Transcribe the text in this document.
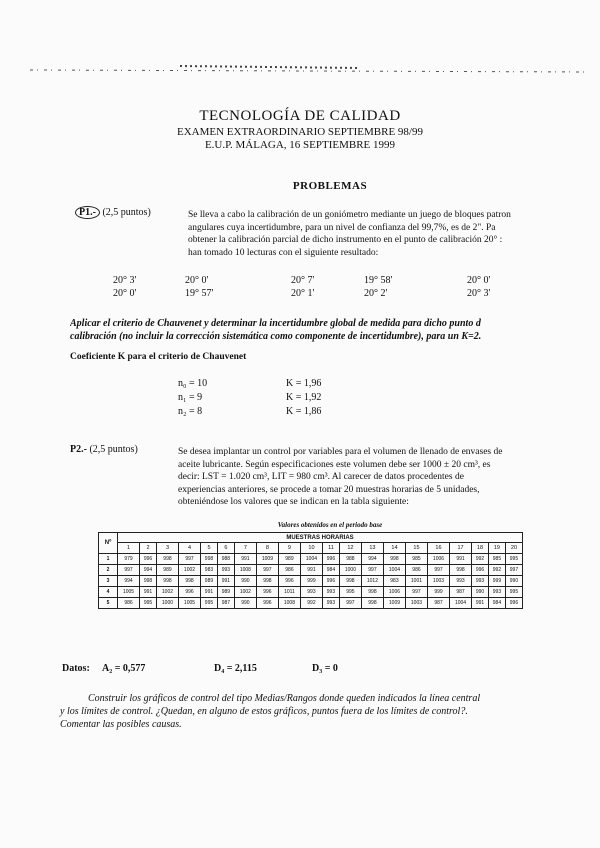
TECNOLOGÍA DE CALIDAD
EXAMEN EXTRAORDINARIO SEPTIEMBRE 98/99
E.U.P. MÁLAGA, 16 SEPTIEMBRE 1999
PROBLEMAS
P1.- (2,5 puntos)	Se lleva a cabo la calibración de un goniómetro mediante un juego de bloques patron
angulares cuya incertidumbre, para un nivel de confianza del 99,7%, es de 2". Pa
obtener la calibración parcial de dicho instrumento en el punto de calibración 20° :
han tomado 10 lecturas con el siguiente resultado:
20° 3'	20° 0'	20° 7'	19° 58'	20° 0'
20° 0'	19° 57'	20° 1'	20° 2'	20° 3'
Aplicar el criterio de Chauvenet y determinar la incertidumbre global de medida para dicho punto d
calibración (no incluir la corrección sistemática como componente de incertidumbre), para un K=2.
Coeficiente K para el criterio de Chauvenet
n₀ = 10	K = 1,96
n₁ = 9	K = 1,92
n₂ = 8	K = 1,86
P2.- (2,5 puntos)	Se desea implantar un control por variables para el volumen de llenado de envases de
aceite lubricante. Según especificaciones este volumen debe ser 1000 ± 20 cm³, es
decir: LST = 1.020 cm³, LIT = 980 cm³. Al carecer de datos procedentes de
experiencias anteriores, se procede a tomar 20 muestras horarias de 5 unidades,
obteniéndose los valores que se indican en la tabla siguiente:
Valores obtenidos en el periodo base
Nº	MUESTRAS HORARIAS																			
	1	2	3	4	5	6	7	8	9	10	11	12	13	14	15	16	17	18	19	20
1	979	996	998	997	998	988	991	1009	989	1004	996	988	994	998	985	1006	991	992	985	995
2	997	994	989	1002	983	993	1008	997	986	991	984	1000	997	1004	986	997	998	996	992	997
3	994	998	998	998	989	991	990	998	996	999	996	998	1012	983	1001	1003	993	993	999	990
4	1005	991	1002	996	991	989	1002	996	1011	993	993	995	998	1006	997	999	987	990	993	995
5	986	995	1000	1005	995	987	990	996	1008	992	993	997	998	1009	1003	987	1004	991	984	996
Datos: A₂ = 0,577	D₄ = 2,115	D₃ = 0
Construir los gráficos de control del tipo Medias/Rangos donde queden indicados la línea central
y los límites de control. ¿Quedan, en alguno de estos gráficos, puntos fuera de los límites de control?.
Comentar las posibles causas.
